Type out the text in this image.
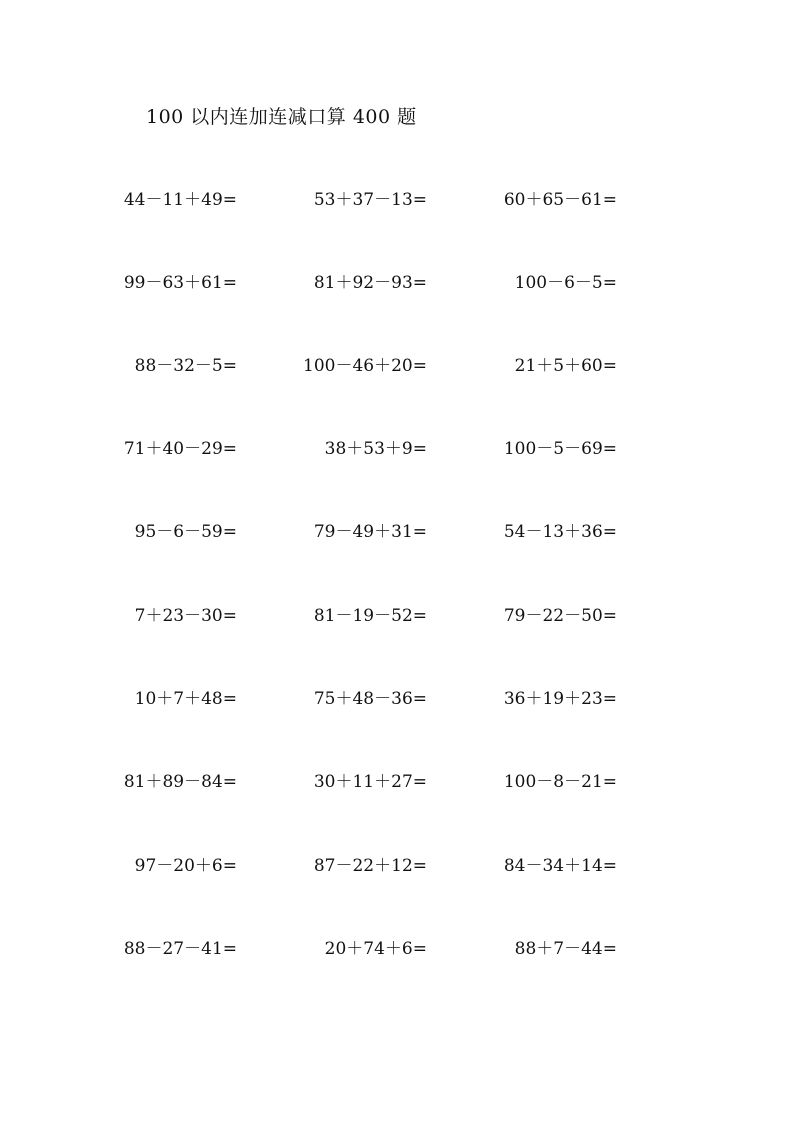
100 以内连加连减口算 400 题
44－11＋49=	53＋37－13=	60＋65－61=
99－63＋61=	81＋92－93=	100－6－5=
88－32－5=	100－46＋20=	21＋5＋60=
71＋40－29=	38＋53＋9=	100－5－69=
95－6－59=	79－49＋31=	54－13＋36=
7＋23－30=	81－19－52=	79－22－50=
10＋7＋48=	75＋48－36=	36＋19＋23=
81＋89－84=	30＋11＋27=	100－8－21=
97－20＋6=	87－22＋12=	84－34＋14=
88－27－41=	20＋74＋6=	88＋7－44=
